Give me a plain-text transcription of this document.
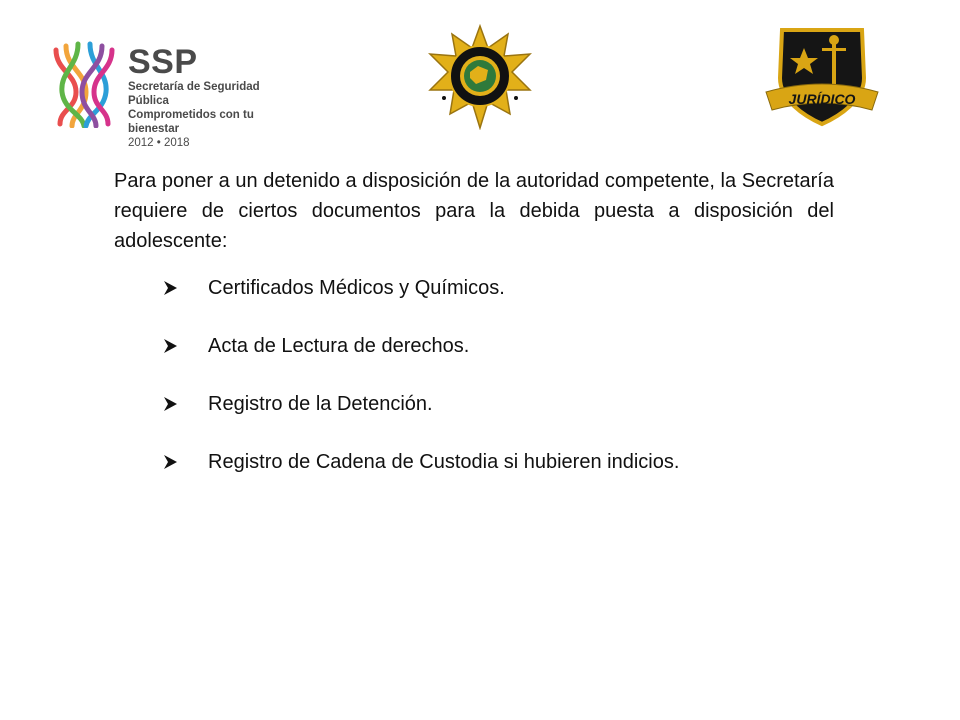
SSP
Secretaría de Seguridad Pública
Comprometidos con tu bienestar
2012 • 2018
JURÍDICO

Para poner a un detenido a disposición de la autoridad competente, la Secretaría requiere de ciertos documentos para la debida puesta a disposición del adolescente:

Certificados Médicos y Químicos.
Acta de Lectura de derechos.
Registro de la Detención.
Registro de Cadena de Custodia si hubieren indicios.
